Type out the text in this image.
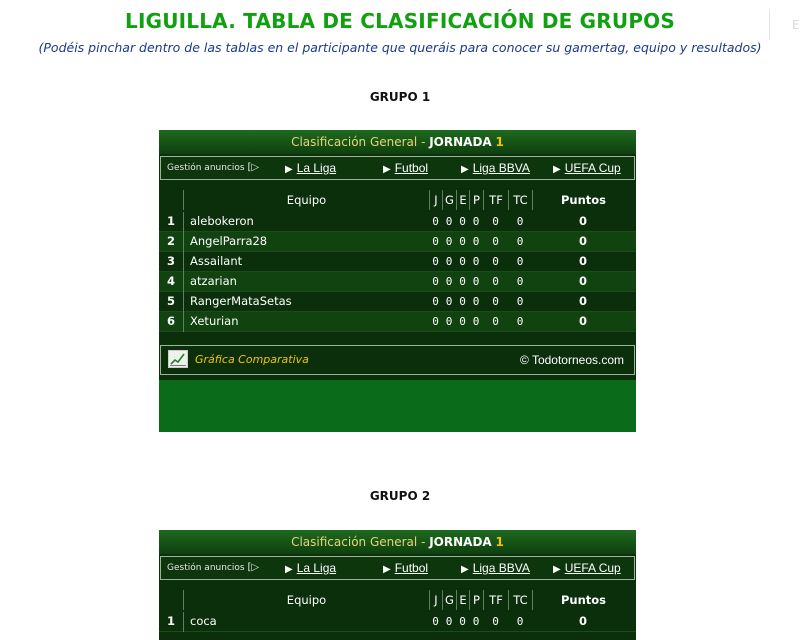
LIGUILLA. TABLA DE CLASIFICACIÓN DE GRUPOS
(Podéis pinchar dentro de las tablas en el participante que queráis para conocer su gamertag, equipo y resultados)
E
GRUPO 1
Clasificación General - JORNADA 1
Gestión anuncios [▷	▶ La Liga	▶ Futbol	▶ Liga BBVA ▶ UEFA Cup
Equipo	J G E P TF TC	Puntos
1	alebokeron	0 0 0 0	0	0	0
2	AngelParra28	0 0 0 0	0	0	0
3	Assailant	0 0 0 0	0	0	0
4	atzarian	0 0 0 0	0	0	0
5	RangerMataSetas	0 0 0 0	0	0	0
6	Xeturian	0 0 0 0	0	0	0
Gráfica Comparativa	© Todotorneos.com
GRUPO 2
Clasificación General - JORNADA 1
Gestión anuncios [▷	▶ La Liga	▶ Futbol	▶ Liga BBVA ▶ UEFA Cup
Equipo	J G E P TF TC	Puntos
1	coca	0 0 0 0	0	0	0
